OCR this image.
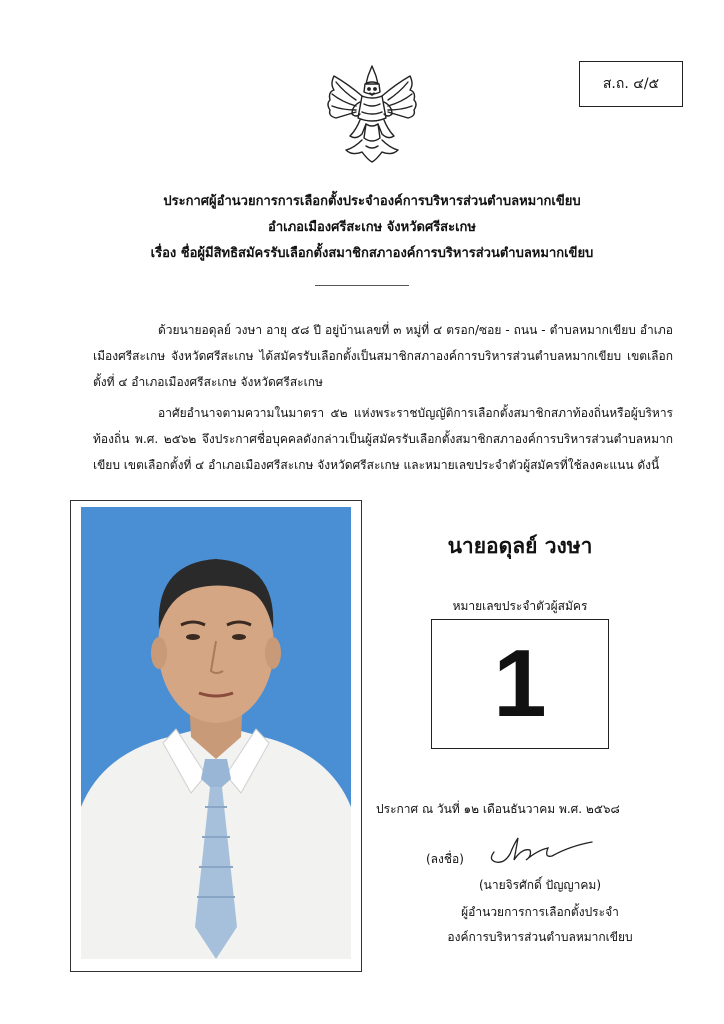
ส.ถ. ๔/๕
ประกาศผู้อำนวยการการเลือกตั้งประจำองค์การบริหารส่วนตำบลหมากเขียบ
อำเภอเมืองศรีสะเกษ จังหวัดศรีสะเกษ
เรื่อง ชื่อผู้มีสิทธิสมัครรับเลือกตั้งสมาชิกสภาองค์การบริหารส่วนตำบลหมากเขียบ
ด้วยนายอดุลย์ วงษา อายุ ๕๘ ปี อยู่บ้านเลขที่ ๓ หมู่ที่ ๔ ตรอก/ซอย - ถนน - ตำบลหมากเขียบ อำเภอเมืองศรีสะเกษ จังหวัดศรีสะเกษ ได้สมัครรับเลือกตั้งเป็นสมาชิกสภาองค์การบริหารส่วนตำบลหมากเขียบ เขตเลือกตั้งที่ ๔ อำเภอเมืองศรีสะเกษ จังหวัดศรีสะเกษ
อาศัยอำนาจตามความในมาตรา ๕๒ แห่งพระราชบัญญัติการเลือกตั้งสมาชิกสภาท้องถิ่นหรือผู้บริหารท้องถิ่น พ.ศ. ๒๕๖๒ จึงประกาศชื่อบุคคลดังกล่าวเป็นผู้สมัครรับเลือกตั้งสมาชิกสภาองค์การบริหารส่วนตำบลหมากเขียบ เขตเลือกตั้งที่ ๔ อำเภอเมืองศรีสะเกษ จังหวัดศรีสะเกษ และหมายเลขประจำตัวผู้สมัครที่ใช้ลงคะแนน ดังนี้
นายอดุลย์ วงษา
หมายเลขประจำตัวผู้สมัคร
1
ประกาศ ณ วันที่ ๑๒ เดือนธันวาคม พ.ศ. ๒๕๖๘
(ลงชื่อ)
(นายจิรศักดิ์ ปัญญาคม)
ผู้อำนวยการการเลือกตั้งประจำ
องค์การบริหารส่วนตำบลหมากเขียบ
